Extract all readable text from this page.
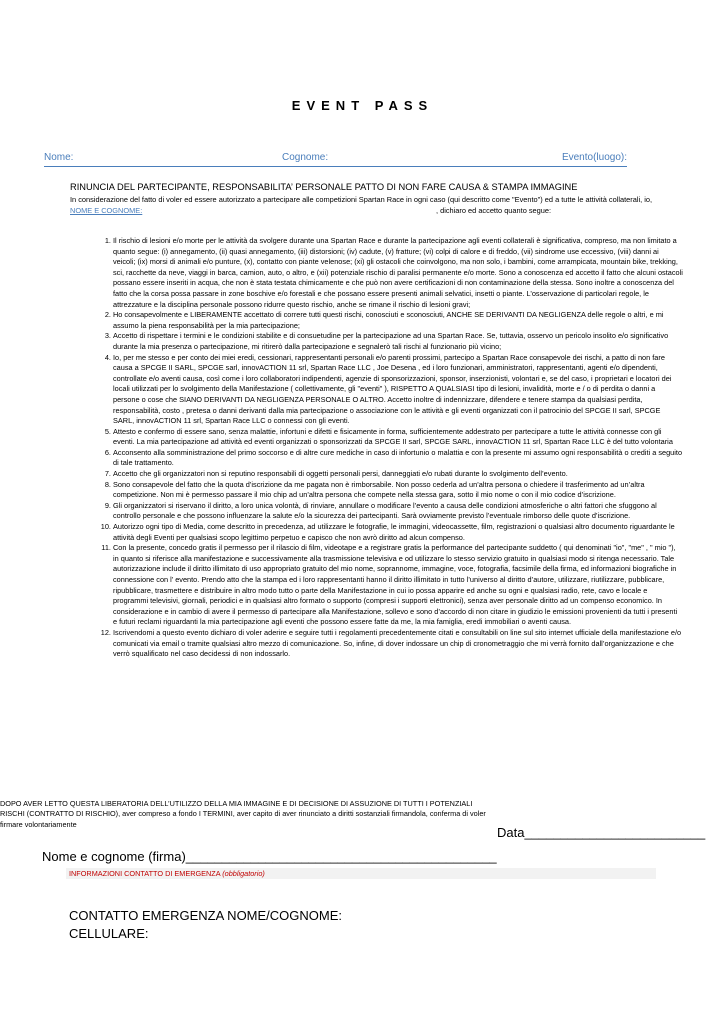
EVENT PASS
Nome:	Cognome:	Evento(luogo):
RINUNCIA DEL PARTECIPANTE, RESPONSABILITA’ PERSONALE PATTO DI NON FARE CAUSA & STAMPA IMMAGINE
In considerazione del fatto di voler ed essere autorizzato a partecipare alle competizioni Spartan Race in ogni caso (qui descritto come "Evento") ed a tutte le attività collaterali, io, NOME E COGNOME:	, dichiaro ed accetto quanto segue:
1. Il rischio di lesioni e/o morte per le attività da svolgere durante una Spartan Race e durante la partecipazione agli eventi collaterali è significativa, compreso, ma non limitato a quanto segue: (i) annegamento, (ii) quasi annegamento, (iii) distorsioni; (iv) cadute, (v) fratture; (vi) colpi di calore e di freddo, (vii) sindrome use eccessivo, (viii) danni ai veicoli; (ix) morsi di animali e/o punture, (x), contatto con piante velenose; (xi) gli ostacoli che coinvolgono, ma non solo, i bambini, come arrampicata, mountain bike, trekking, sci, racchette da neve, viaggi in barca, camion, auto, o altro, e (xii) potenziale rischio di paralisi permanente e/o morte. Sono a conoscenza ed accetto il fatto che alcuni ostacoli possano essere inseriti in acqua, che non è stata testata chimicamente e che può non avere certificazioni di non contaminazione della stessa. Sono inoltre a conoscenza del fatto che la corsa possa passare in zone boschive e/o forestali e che possano essere presenti animali selvatici, insetti o piante. L’osservazione di particolari regole, le attrezzature e la disciplina personale possono ridurre questo rischio, anche se rimane il rischio di lesioni gravi;
2. Ho consapevolmente e LIBERAMENTE accettato di correre tutti questi rischi, conosciuti e sconosciuti, ANCHE SE DERIVANTI DA NEGLIGENZA delle regole o altri, e mi assumo la piena responsabilità per la mia partecipazione;
3. Accetto di rispettare i termini e le condizioni stabilite e di consuetudine per la partecipazione ad una Spartan Race. Se, tuttavia, osservo un pericolo insolito e/o significativo durante la mia presenza o partecipazione, mi ritirerò dalla partecipazione e segnalerò tali rischi al funzionario più vicino;
4. Io, per me stesso e per conto dei miei eredi, cessionari, rappresentanti personali e/o parenti prossimi, partecipo a Spartan Race consapevole dei rischi, a patto di non fare causa a SPCGE II SARL, SPCGE sarl, innovACTION 11 srl, Spartan Race LLC , Joe Desena , ed i loro funzionari, amministratori, rappresentanti, agenti e/o dipendenti, controllate e/o aventi causa, così come i loro collaboratori indipendenti, agenzie di sponsorizzazioni, sponsor, inserzionisti, volontari e, se del caso, i proprietari e locatori dei locali utilizzati per lo svolgimento della Manifestazione ( collettivamente, gli "eventi" ), RISPETTO A QUALSIASI tipo di lesioni, invalidità, morte e / o di perdita o danni a persone o cose che SIANO DERIVANTI DA NEGLIGENZA PERSONALE O ALTRO. Accetto inoltre di indennizzare, difendere e tenere stampa da qualsiasi perdita, responsabilità, costo , pretesa o danni derivanti dalla mia partecipazione o associazione con le attività e gli eventi organizzati con il patrocinio del SPCGE II sarl, SPCGE SARL, innovACTION 11 srl, Spartan Race LLC o connessi con gli eventi.
5. Attesto e confermo di essere sano, senza malattie, infortuni e difetti e fisicamente in forma, sufficientemente addestrato per partecipare a tutte le attività connesse con gli eventi. La mia partecipazione ad attività ed eventi organizzati o sponsorizzati da SPCGE II sarl, SPCGE SARL, innovACTION 11 srl, Spartan Race LLC è del tutto volontaria
6. Acconsento alla somministrazione del primo soccorso e di altre cure mediche in caso di infortunio o malattia e con la presente mi assumo ogni responsabilità o crediti a seguito di tale trattamento.
7. Accetto che gli organizzatori non si reputino responsabili di oggetti personali persi, danneggiati e/o rubati durante lo svolgimento dell’evento.
8. Sono consapevole del fatto che la quota d’iscrizione da me pagata non è rimborsabile. Non posso cederla ad un’altra persona o chiedere il trasferimento ad un’altra competizione. Non mi è permesso passare il mio chip ad un’altra persona che compete nella stessa gara, sotto il mio nome o con il mio codice d’iscrizione.
9. Gli organizzatori si riservano il diritto, a loro unica volontà, di rinviare, annullare o modificare l’evento a causa delle condizioni atmosferiche o altri fattori che sfuggono al controllo personale e che possono influenzare la salute e/o la sicurezza dei partecipanti. Sarà ovviamente previsto l’eventuale rimborso delle quote d’iscrizione.
10. Autorizzo ogni tipo di Media, come descritto in precedenza, ad utilizzare le fotografie, le immagini, videocassette, film, registrazioni o qualsiasi altro documento riguardante le attività degli Eventi per qualsiasi scopo legittimo perpetuo e capisco che non avrò diritto ad alcun compenso.
11. Con la presente, concedo gratis il permesso per il rilascio di film, videotape e a registrare gratis la performance del partecipante suddetto ( qui denominati "io", "me" , " mio "), in quanto si riferisce alla manifestazione e successivamente alla trasmissione televisiva e od utilizzare lo stesso servizio gratuito in qualsiasi modo si ritenga necessario. Tale autorizzazione include il diritto illimitato di uso appropriato gratuito del mio nome, soprannome, immagine, voce, fotografia, facsimile della firma, ed informazioni biografiche in connessione con l’ evento. Prendo atto che la stampa ed i loro rappresentanti hanno il diritto illimitato in tutto l’universo al diritto d’autore, utilizzare, riutilizzare, pubblicare, ripubblicare, trasmettere e distribuire in altro modo tutto o parte della Manifestazione in cui io possa apparire ed anche su ogni e qualsiasi radio, rete, cavo e locale e programmi televisivi, giornali, periodici e in qualsiasi altro formato o supporto (compresi i supporti elettronici), senza aver personale diritto ad un compenso economico. In considerazione e in cambio di avere il permesso di partecipare alla Manifestazione, sollevo e sono d’accordo di non citare in giudizio le emissioni provenienti da tutti i presenti e futuri reclami riguardanti la mia partecipazione agli eventi che possono essere fatte da me, la mia famiglia, eredi immobiliari o aventi causa.
12. Iscrivendomi a questo evento dichiaro di voler aderire e seguire tutti i regolamenti precedentemente citati e consultabili on line sul sito internet ufficiale della manifestazione e/o comunicati via email o tramite qualsiasi altro mezzo di comunicazione. So, infine, di dover indossare un chip di cronometraggio che mi verrà fornito dall’organizzazione e che verrò squalificato nel caso decidessi di non indossarlo.
DOPO AVER LETTO QUESTA LIBERATORIA DELL’UTILIZZO DELLA MIA IMMAGINE E DI DECISIONE DI ASSUZIONE DI TUTTI I POTENZIALI RISCHI (CONTRATTO DI RISCHIO), aver compreso a fondo I TERMINI, aver capito di aver rinunciato a diritti sostanziali firmandola, conferma di voler firmare volontariamente
Data_________________________
Nome e cognome (firma)___________________________________________
INFORMAZIONI CONTATTO DI EMERGENZA (obbligatorio)
CONTATTO EMERGENZA NOME/COGNOME:
CELLULARE:
